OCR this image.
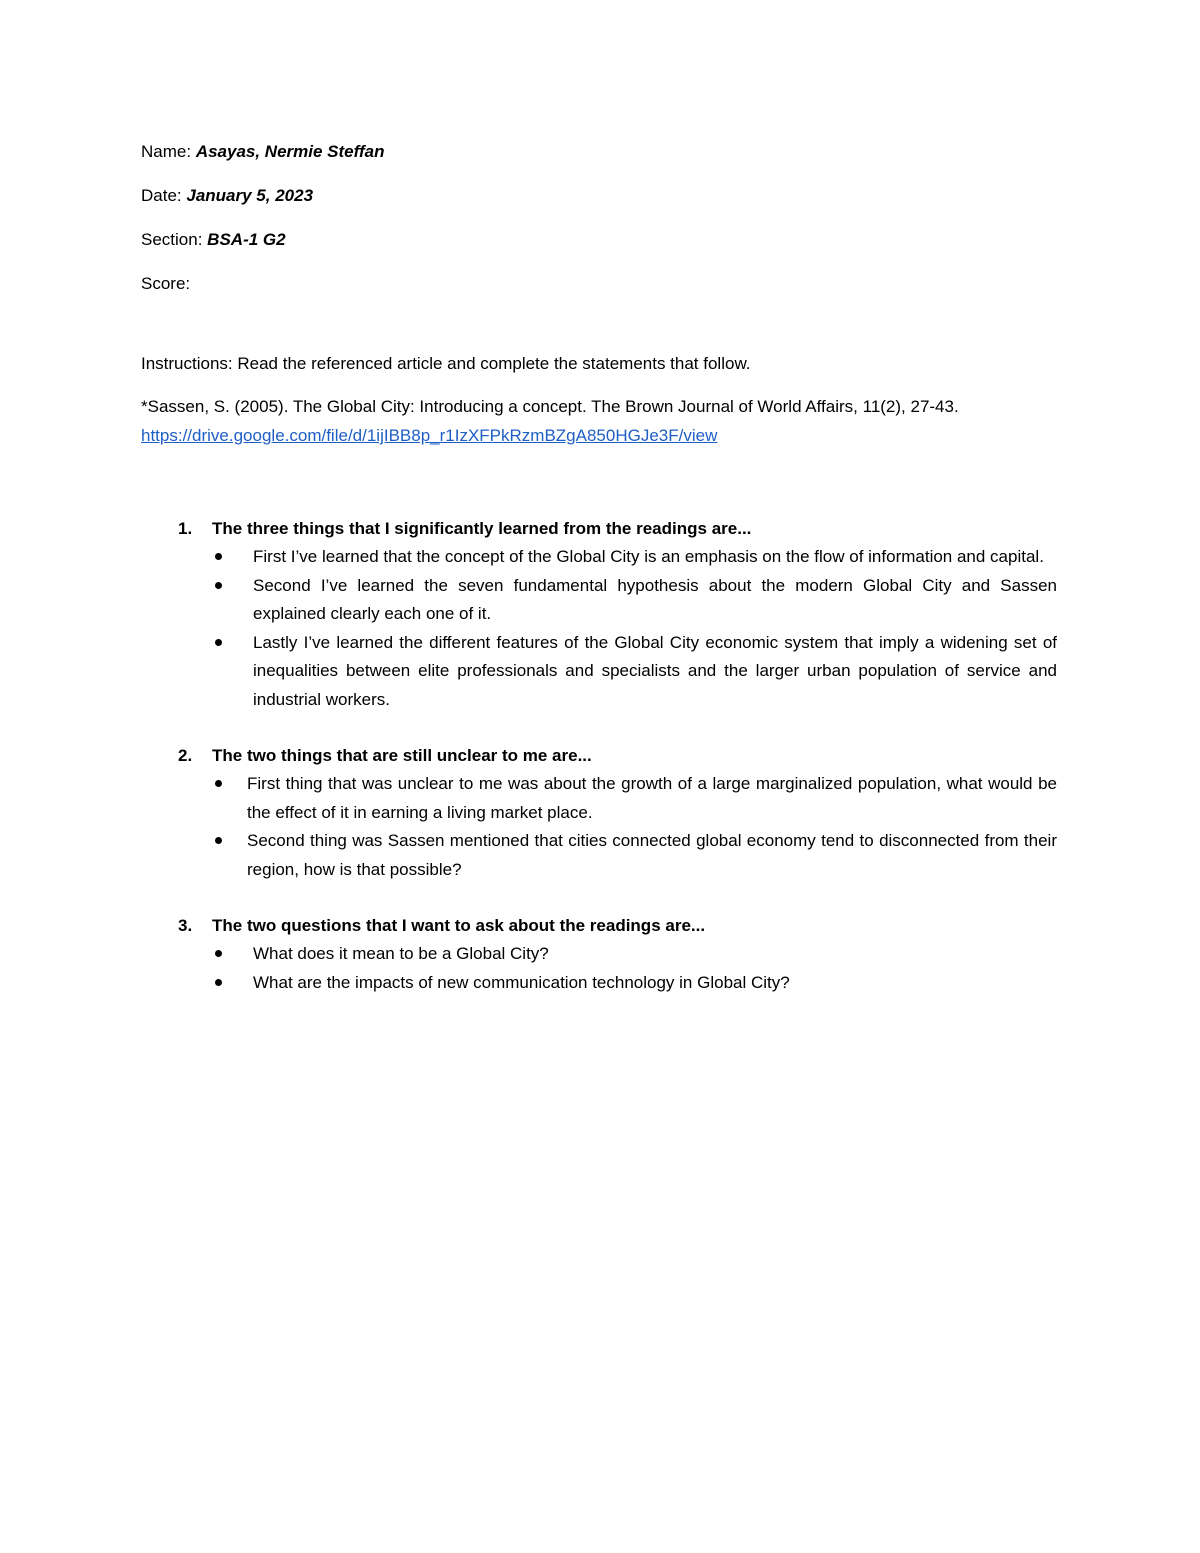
Name: Asayas, Nermie Steffan
Date: January 5, 2023
Section: BSA-1 G2
Score:
Instructions: Read the referenced article and complete the statements that follow.
*Sassen, S. (2005). The Global City: Introducing a concept. The Brown Journal of World Affairs, 11(2), 27-43. https://drive.google.com/file/d/1ijIBB8p_r1IzXFPkRzmBZgA850HGJe3F/view
1. The three things that I significantly learned from the readings are...
First I’ve learned that the concept of the Global City is an emphasis on the flow of information and capital.
Second I’ve learned the seven fundamental hypothesis about the modern Global City and Sassen explained clearly each one of it.
Lastly I’ve learned the different features of the Global City economic system that imply a widening set of inequalities between elite professionals and specialists and the larger urban population of service and industrial workers.
2. The two things that are still unclear to me are...
First thing that was unclear to me was about the growth of a large marginalized population, what would be the effect of it in earning a living market place.
Second thing was Sassen mentioned that cities connected global economy tend to disconnected from their region, how is that possible?
3. The two questions that I want to ask about the readings are...
What does it mean to be a Global City?
What are the impacts of new communication technology in Global City?
